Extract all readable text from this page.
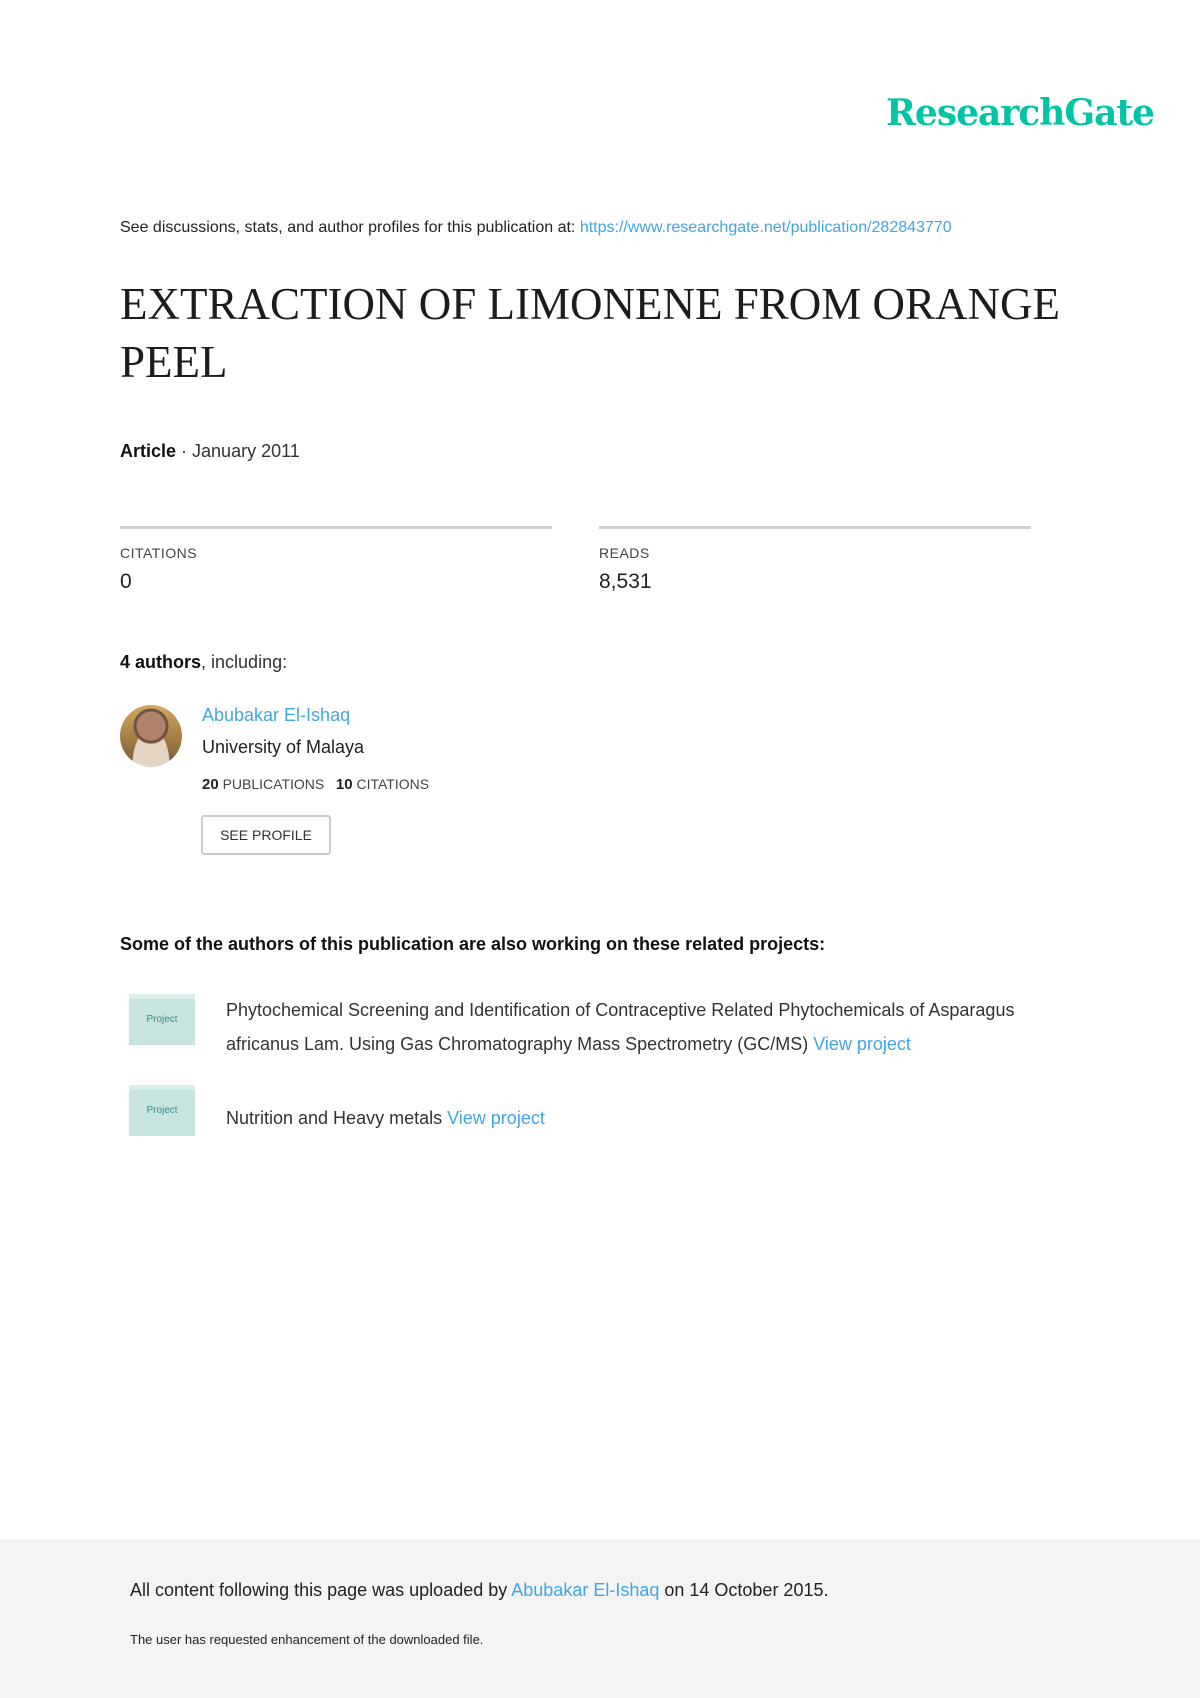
ResearchGate
See discussions, stats, and author profiles for this publication at: https://www.researchgate.net/publication/282843770
EXTRACTION OF LIMONENE FROM ORANGE PEEL
Article · January 2011
CITATIONS
0
READS
8,531
4 authors, including:
Abubakar El-Ishaq
University of Malaya
20 PUBLICATIONS 10 CITATIONS
SEE PROFILE
Some of the authors of this publication are also working on these related projects:
Project	Phytochemical Screening and Identification of Contraceptive Related Phytochemicals of Asparagus
africanus Lam. Using Gas Chromatography Mass Spectrometry (GC/MS) View project
Project	Nutrition and Heavy metals View project
All content following this page was uploaded by Abubakar El-Ishaq on 14 October 2015.
The user has requested enhancement of the downloaded file.
